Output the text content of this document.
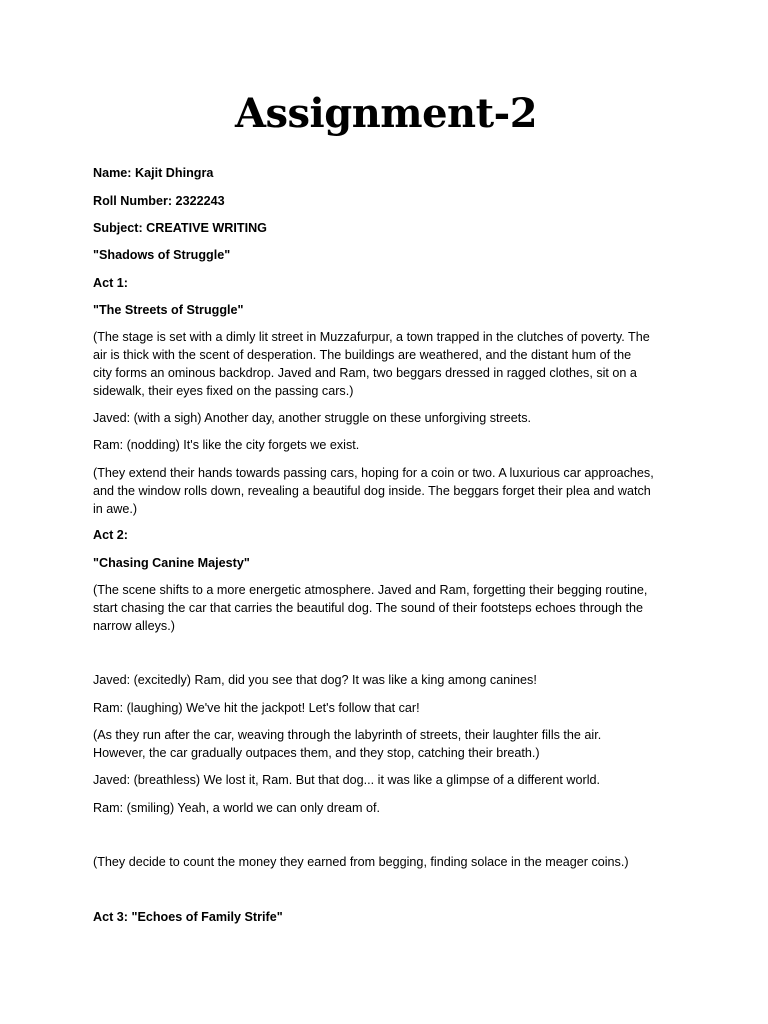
Assignment-2

Name: Kajit Dhingra

Roll Number: 2322243

Subject: CREATIVE WRITING

"Shadows of Struggle"

Act 1:

"The Streets of Struggle"

(The stage is set with a dimly lit street in Muzzafurpur, a town trapped in the clutches of poverty. The
air is thick with the scent of desperation. The buildings are weathered, and the distant hum of the
city forms an ominous backdrop. Javed and Ram, two beggars dressed in ragged clothes, sit on a
sidewalk, their eyes fixed on the passing cars.)

Javed: (with a sigh) Another day, another struggle on these unforgiving streets.

Ram: (nodding) It's like the city forgets we exist.

(They extend their hands towards passing cars, hoping for a coin or two. A luxurious car approaches,
and the window rolls down, revealing a beautiful dog inside. The beggars forget their plea and watch
in awe.)

Act 2:

"Chasing Canine Majesty"

(The scene shifts to a more energetic atmosphere. Javed and Ram, forgetting their begging routine,
start chasing the car that carries the beautiful dog. The sound of their footsteps echoes through the
narrow alleys.)

Javed: (excitedly) Ram, did you see that dog? It was like a king among canines!

Ram: (laughing) We've hit the jackpot! Let's follow that car!

(As they run after the car, weaving through the labyrinth of streets, their laughter fills the air.
However, the car gradually outpaces them, and they stop, catching their breath.)

Javed: (breathless) We lost it, Ram. But that dog... it was like a glimpse of a different world.

Ram: (smiling) Yeah, a world we can only dream of.

(They decide to count the money they earned from begging, finding solace in the meager coins.)

Act 3: "Echoes of Family Strife"
